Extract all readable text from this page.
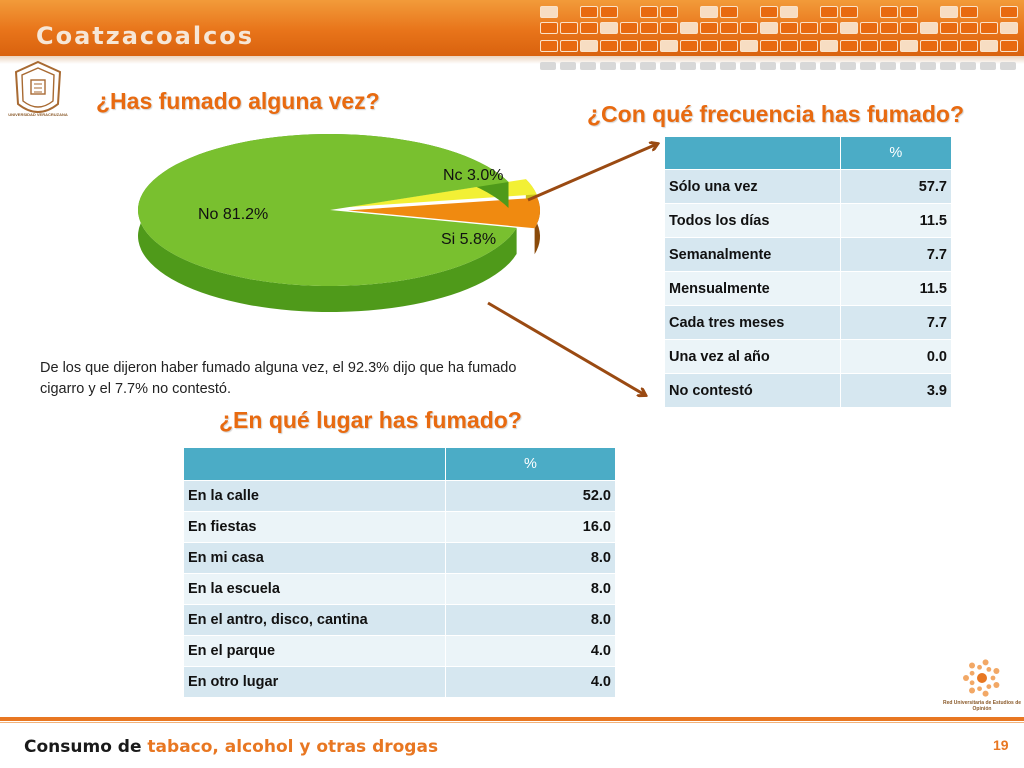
Coatzacoalcos
UNIVERSIDAD VERACRUZANA
¿Has fumado alguna vez?	¿Con qué frecuencia has fumado?
¿En qué lugar has fumado?
No 81.2%
Nc 3.0%
Si 5.8%
De los que dijeron haber fumado alguna vez, el 92.3% dijo que ha fumado cigarro y el 7.7% no contestó.
	%
Sólo una vez	57.7
Todos los días	11.5
Semanalmente	7.7
Mensualmente	11.5
Cada tres meses	7.7
Una vez al año	0.0
No contestó	3.9
	%
En la calle	52.0
En fiestas	16.0
En mi casa	8.0
En la escuela	8.0
En el antro, disco, cantina	8.0
En el parque	4.0
En otro lugar	4.0
Red Universitaria de Estudios de Opinión
Consumo de tabaco, alcohol y otras drogas	19
